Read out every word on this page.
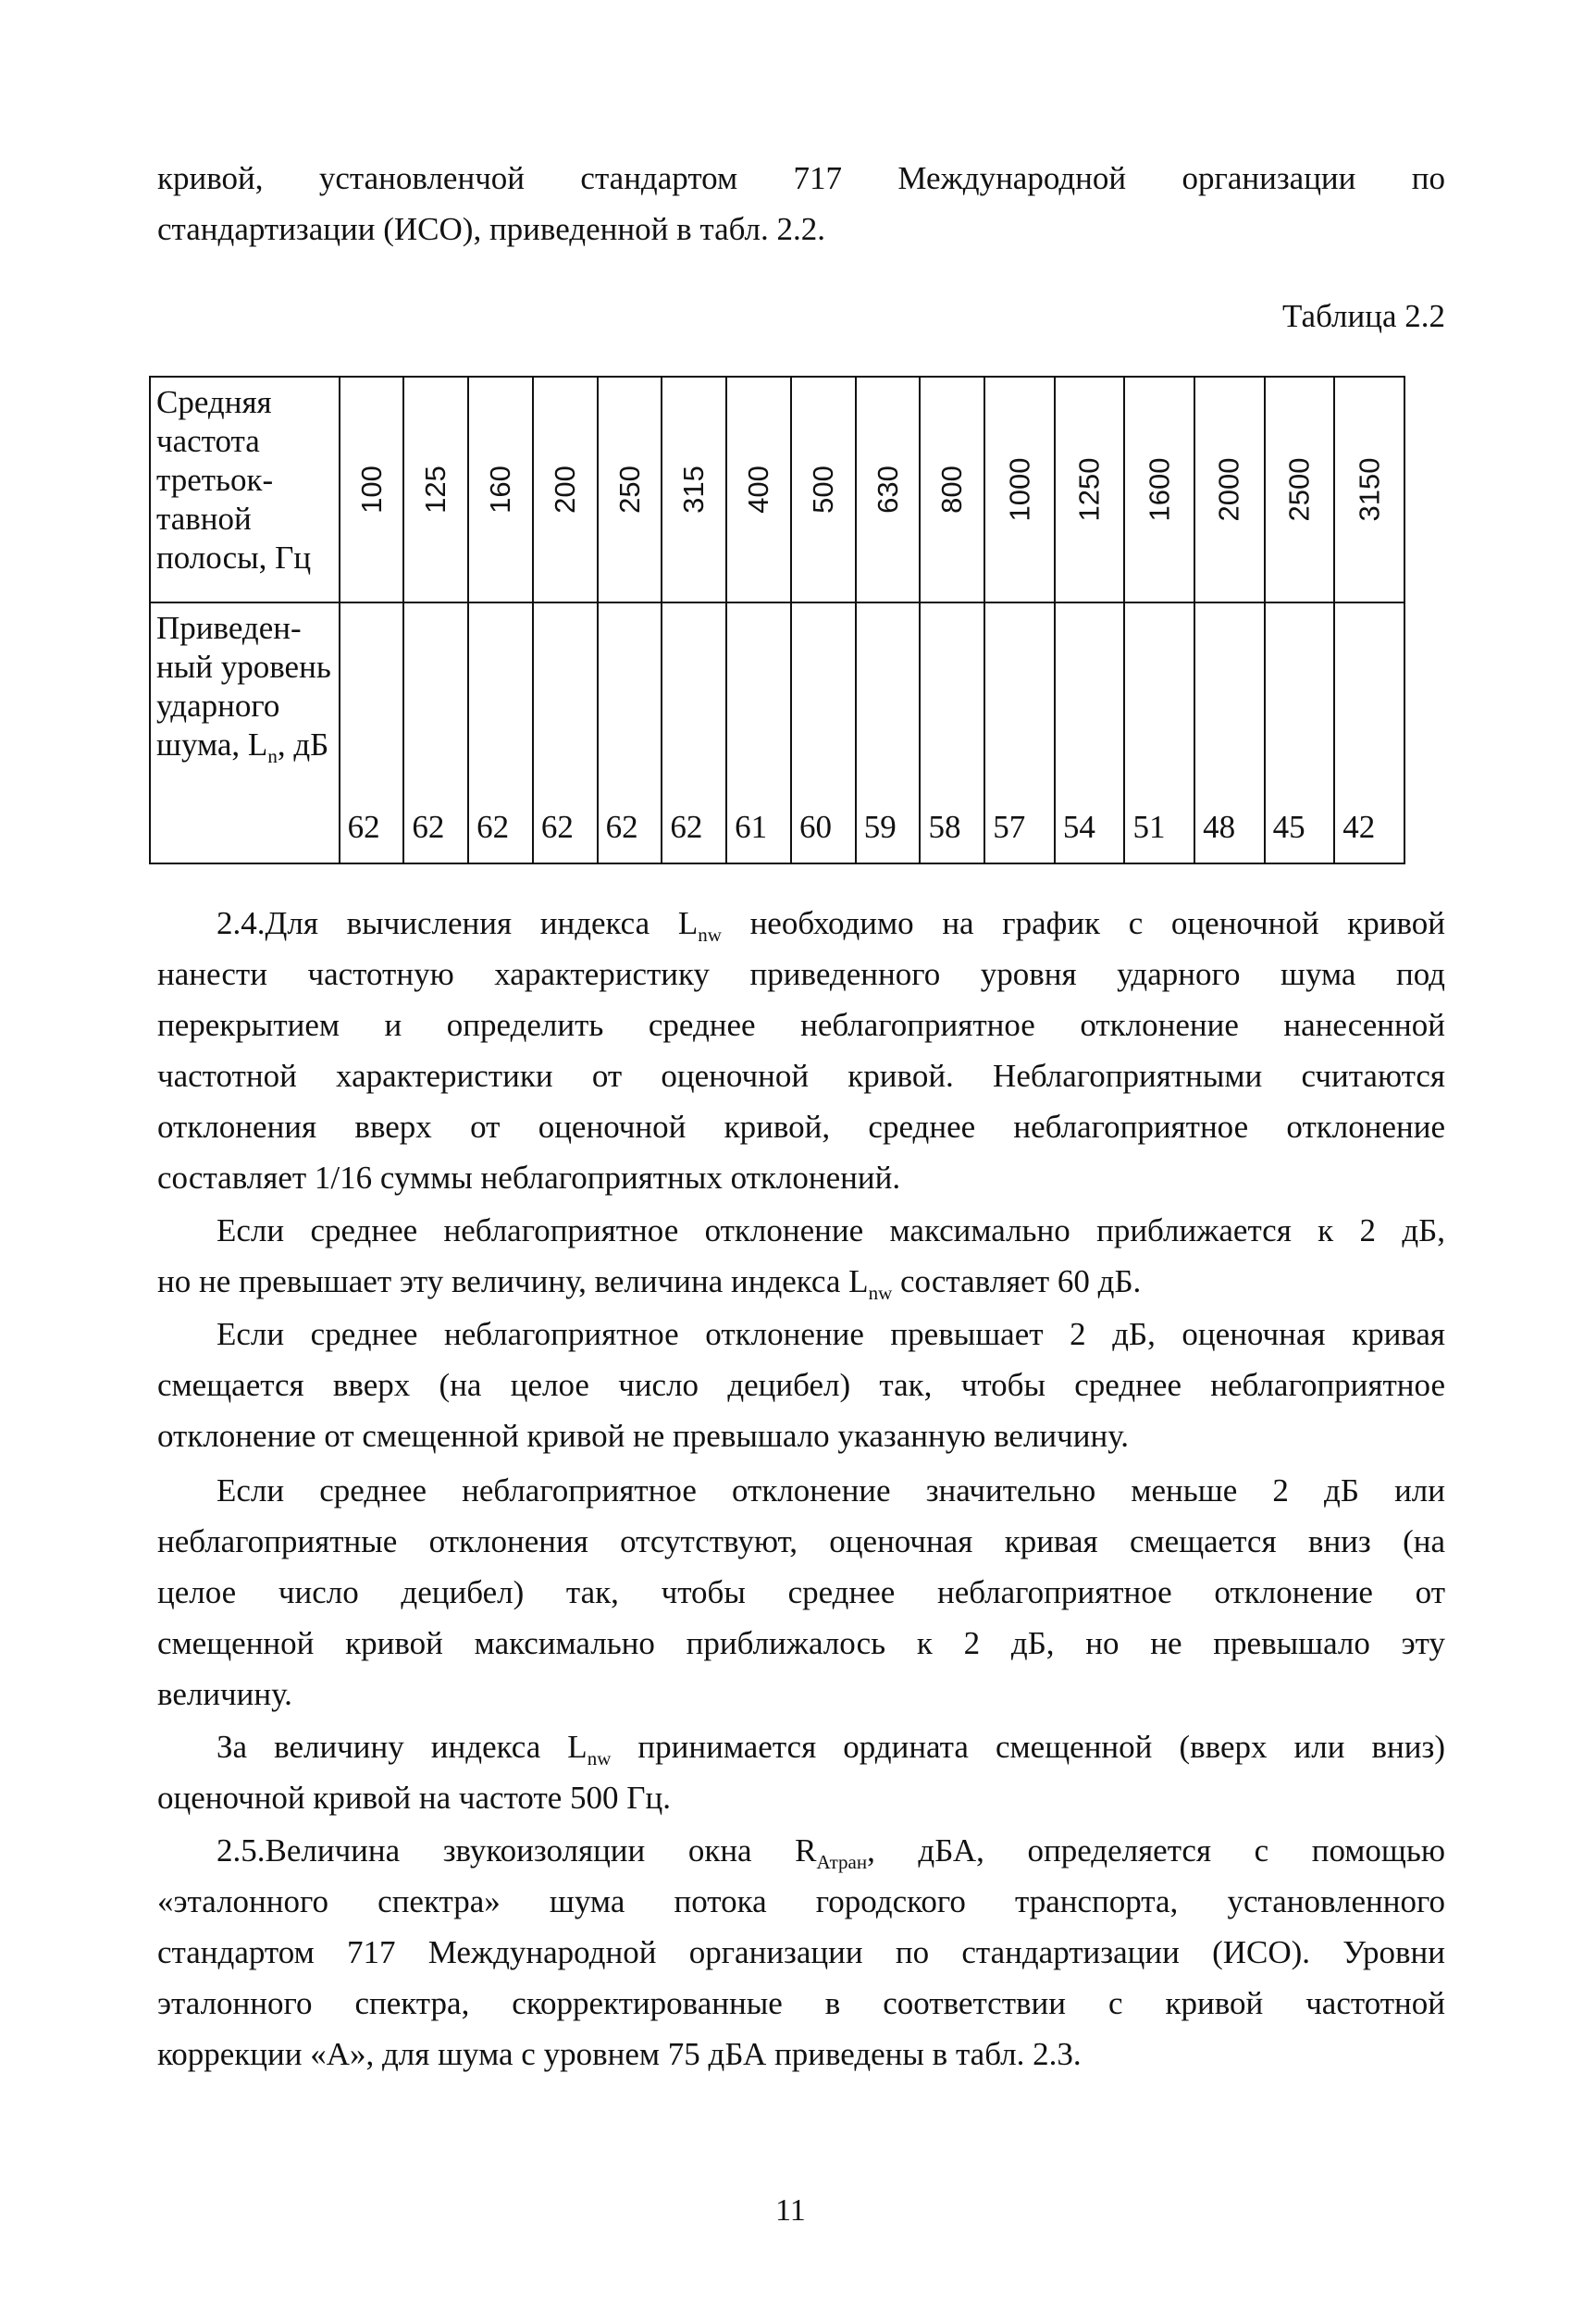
кривой, установленчой стандартом 717 Международной организации по
стандартизации (ИСО), приведенной в табл. 2.2.
Таблица 2.2
Средняя частота третьок-тавной полосы, Гц	100	125	160	200	250	315	400	500	630	800	1000	1250	1600	2000	2500	3150
Приведен-ный уровень ударного шума, $L_n$, дБ	62	62	62	62	62	62	61	60	59	58	57	54	51	48	45	42
2.4.Для вычисления индекса $L_{nw}$ необходимо на график с оценочной кривой
нанести частотную характеристику приведенного уровня ударного шума под
перекрытием и определить среднее неблагоприятное отклонение нанесенной
частотной характеристики от оценочной кривой. Неблагоприятными считаются
отклонения вверх от оценочной кривой, среднее неблагоприятное отклонение
составляет 1/16 суммы неблагоприятных отклонений.
Если среднее неблагоприятное отклонение максимально приближается к 2 дБ,
но не превышает эту величину, величина индекса $L_{nw}$ составляет 60 дБ.
Если среднее неблагоприятное отклонение превышает 2 дБ, оценочная кривая
смещается вверх (на целое число децибел) так, чтобы среднее неблагоприятное
отклонение от смещенной кривой не превышало указанную величину.
Если среднее неблагоприятное отклонение значительно меньше 2 дБ или
неблагоприятные отклонения отсутствуют, оценочная кривая смещается вниз (на
целое число децибел) так, чтобы среднее неблагоприятное отклонение от
смещенной кривой максимально приближалось к 2 дБ, но не превышало эту
величину.
За величину индекса $L_{nw}$ принимается ордината смещенной (вверх или вниз)
оценочной кривой на частоте 500 Гц.
2.5.Величина звукоизоляции окна $R_{Атран}$, дБА, определяется с помощью
«эталонного спектра» шума потока городского транспорта, установленного
стандартом 717 Международной организации по стандартизации (ИСО). Уровни
эталонного спектра, скорректированные в соответствии с кривой частотной
коррекции «А», для шума с уровнем 75 дБА приведены в табл. 2.3.
11
